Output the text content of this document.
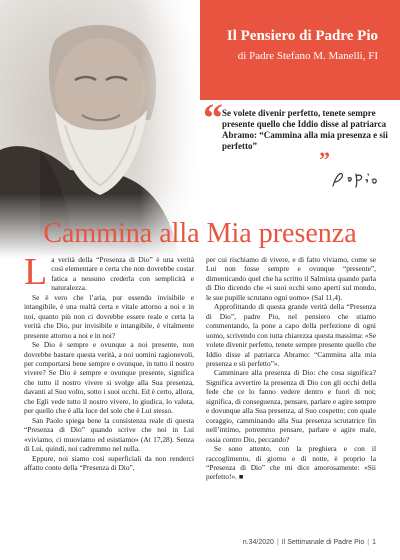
Il Pensiero di Padre Pio
di Padre Stefano M. Manelli, FI
“ Se volete divenir perfetto, tenete sempre presente quello che Iddio disse al patriarca Abramo: “Cammina alla mia presenza e sii perfetto”
”
Cammina alla Mia presenza

La verità della “Presenza di Dio” è una verità così elementare e certa che non dovrebbe costar fatica a nessuno crederla con semplicità e naturalezza.

Se è vero che l’aria, pur essendo invisibile e intangibile, è una realtà certa e vitale attorno a noi e in noi, quanto più non ci dovrebbe essere reale e certa la verità che Dio, pur invisibile e intangibile, è vitalmente presente attorno a noi e in noi?

Se Dio è sempre e ovunque a noi presente, non dovrebbe bastare questa verità, a noi uomini ragionevoli, per comportarsi bene sempre e ovunque, in tutto il nostro vivere? Se Dio è sempre e ovunque presente, significa che tutto il nostro vivere si svolge alla Sua presenza, davanti al Suo volto, sotto i suoi occhi. Ed è certo, allora, che Egli vede tutto il nostro vivere, lo giudica, lo valuta, per quello che è alla luce del sole che è Lui stesso.

San Paolo spiega bene la consistenza reale di questa “Presenza di Dio” quando scrive che noi in Lui «viviamo, ci muoviamo ed esistiamo» (At 17,28). Senza di Lui, quindi, noi cadremmo nel nulla.

Eppure, noi siamo così superficiali da non renderci affatto conto della “Presenza di Dio”,

per cui rischiamo di vivere, e di fatto viviamo, come se Lui non fosse sempre e ovunque “presente”, dimenticando quel che ha scritto il Salmista quando parla di Dio dicendo che «i suoi occhi sono aperti sul mondo, le sue pupille scrutano ogni uomo» (Sal 11,4).

Approfittando di questa grande verità della “Presenza di Dio”, padre Pio, nel pensiero che stiamo commentando, la pone a capo della perfezione di ogni uomo, scrivendo con tutta chiarezza questa massima: «Se volete divenir perfetto, tenete sempre presente quello che Iddio disse al patriarca Abramo: “Cammina alla mia presenza e sii perfetto”».

Camminare alla presenza di Dio: che cosa significa? Significa avvertire la presenza di Dio con gli occhi della fede che ce lo fanno vedere dentro e fuori di noi; significa, di conseguenza, pensare, parlare e agire sempre e dovunque alla Sua presenza, al Suo cospetto; con quale coraggio, camminando alla Sua presenza scrutatrice fin nell’intimo, potremmo pensare, parlare e agire male, ossia contro Dio, peccando?

Se sono attento, con la preghiera e con il raccoglimento, di giorno e di notte, è proprio la “Presenza di Dio” che mi dice amorosamente: «Sii perfetto!». ■

n.34/2020 | Il Settimanale di Padre Pio | 1
